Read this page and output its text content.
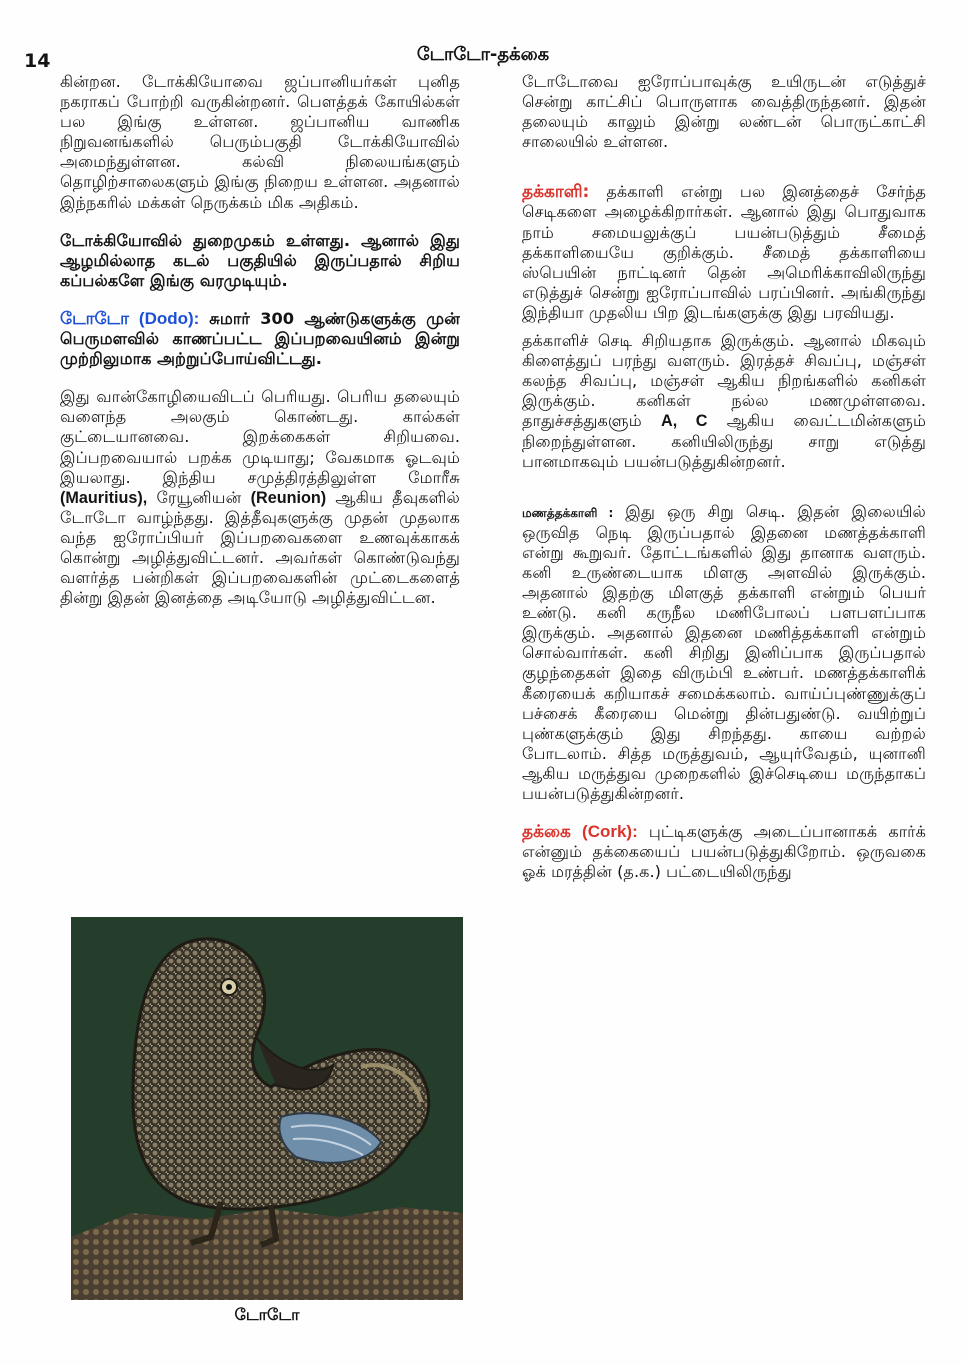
14	டோடோ-தக்கை

கின்றன. டோக்கியோவை ஜப்பானியர்கள் புனித நகராகப் போற்றி வருகின்றனர். பௌத்தக் கோயில்கள் பல இங்கு உள்ளன. ஜப்பானிய வாணிக நிறுவனங்களில் பெரும்பகுதி டோக்கியோவில் அமைந்துள்ளன. கல்வி நிலையங்களும் தொழிற்சாலைகளும் இங்கு நிறைய உள்ளன. அதனால் இந்நகரில் மக்கள் நெருக்கம் மிக அதிகம்.

டோக்கியோவில் துறைமுகம் உள்ளது. ஆனால் இது ஆழமில்லாத கடல் பகுதியில் இருப்பதால் சிறிய கப்பல்களே இங்கு வரமுடியும்.

டோடோ (Dodo): சுமார் 300 ஆண்டுகளுக்கு முன் பெருமளவில் காணப்பட்ட இப்பறவையினம் இன்று முற்றிலுமாக அற்றுப்போய்விட்டது.

இது வான்கோழியைவிடப் பெரியது. பெரிய தலையும் வளைந்த அலகும் கொண்டது. கால்கள் குட்டையானவை. இறக்கைகள் சிறியவை. இப்பறவையால் பறக்க முடியாது; வேகமாக ஓடவும் இயலாது. இந்திய சமுத்திரத்திலுள்ள மோரீசு (Mauritius), ரேயூனியன் (Reunion) ஆகிய தீவுகளில் டோடோ வாழ்ந்தது. இத்தீவுகளுக்கு முதன் முதலாக வந்த ஐரோப்பியர் இப்பறவைகளை உணவுக்காகக் கொன்று அழித்துவிட்டனர். அவர்கள் கொண்டுவந்து வளர்த்த பன்றிகள் இப்பறவைகளின் முட்டைகளைத் தின்று இதன் இனத்தை அடியோடு அழித்துவிட்டன.

டோடோ

டோடோவை ஐரோப்பாவுக்கு உயிருடன் எடுத்துச் சென்று காட்சிப் பொருளாக வைத்திருந்தனர். இதன் தலையும் காலும் இன்று லண்டன் பொருட்காட்சி சாலையில் உள்ளன.

தக்காளி: தக்காளி என்று பல இனத்தைச் சேர்ந்த செடிகளை அழைக்கிறார்கள். ஆனால் இது பொதுவாக நாம் சமையலுக்குப் பயன்படுத்தும் சீமைத் தக்காளியையே குறிக்கும். சீமைத் தக்காளியை ஸ்பெயின் நாட்டினர் தென் அமெரிக்காவிலிருந்து எடுத்துச் சென்று ஐரோப்பாவில் பரப்பினர். அங்கிருந்து இந்தியா முதலிய பிற இடங்களுக்கு இது பரவியது.

தக்காளிச் செடி சிறியதாக இருக்கும். ஆனால் மிகவும் கிளைத்துப் பரந்து வளரும். இரத்தச் சிவப்பு, மஞ்சள் கலந்த சிவப்பு, மஞ்சள் ஆகிய நிறங்களில் கனிகள் இருக்கும். கனிகள் நல்ல மணமுள்ளவை. தாதுச்சத்துகளும் A, C ஆகிய வைட்டமின்களும் நிறைந்துள்ளன. கனியிலிருந்து சாறு எடுத்து பானமாகவும் பயன்படுத்துகின்றனர்.

மணத்தக்காளி : இது ஒரு சிறு செடி. இதன் இலையில் ஒருவித நெடி இருப்பதால் இதனை மணத்தக்காளி என்று கூறுவர். தோட்டங்களில் இது தானாக வளரும். கனி உருண்டையாக மிளகு அளவில் இருக்கும். அதனால் இதற்கு மிளகுத் தக்காளி என்றும் பெயர் உண்டு. கனி கருநீல மணிபோலப் பளபளப்பாக இருக்கும். அதனால் இதனை மணித்தக்காளி என்றும் சொல்வார்கள். கனி சிறிது இனிப்பாக இருப்பதால் குழந்தைகள் இதை விரும்பி உண்பர். மணத்தக்காளிக் கீரையைக் கறியாகச் சமைக்கலாம். வாய்ப்புண்ணுக்குப் பச்சைக் கீரையை மென்று தின்பதுண்டு. வயிற்றுப் புண்களுக்கும் இது சிறந்தது. காயை வற்றல் போடலாம். சித்த மருத்துவம், ஆயுர்வேதம், யுனானி ஆகிய மருத்துவ முறைகளில் இச்செடியை மருந்தாகப் பயன்படுத்துகின்றனர்.

தக்கை (Cork): புட்டிகளுக்கு அடைப்பானாகக் கார்க் என்னும் தக்கையைப் பயன்படுத்துகிறோம். ஒருவகை ஓக் மரத்தின் (த.க.) பட்டையிலிருந்து
